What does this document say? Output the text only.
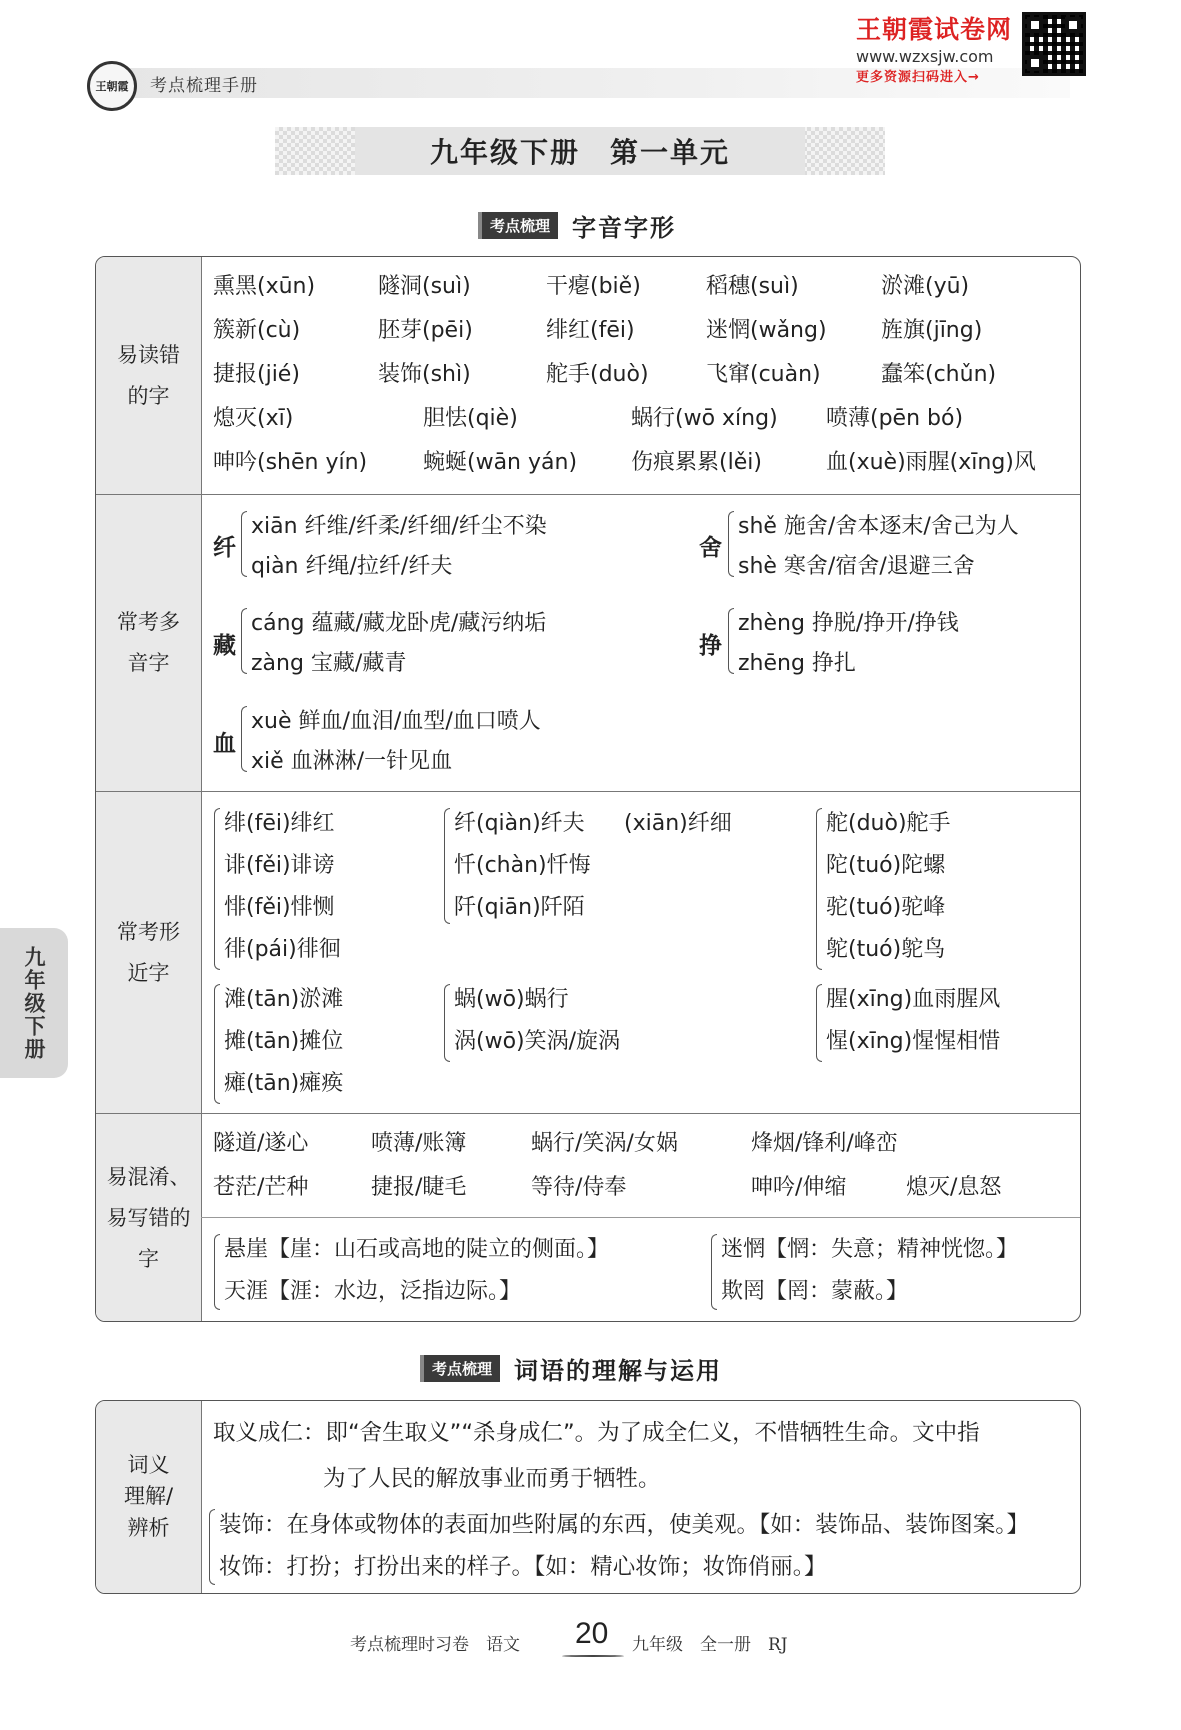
王朝霞 考点梳理手册
王朝霞试卷网
www.wzxsjw.com
更多资源扫码进入→
九年级下册　第一单元
考点梳理 字音字形
易读错的字
熏黑(xūn)	隧洞(suì)	干瘪(biě)	稻穗(suì)	淤滩(yū)
簇新(cù)	胚芽(pēi)	绯红(fēi)	迷惘(wǎng) 旌旗(jīng)
捷报(jié)	装饰(shì)	舵手(duò)	飞窜(cuàn)	蠢笨(chǔn)
熄灭(xī)	胆怯(qiè)	蜗行(wō xíng) 喷薄(pēn bó)
呻吟(shēn yín)	蜿蜒(wān yán) 伤痕累累(lěi)	血(xuè)雨腥(xīng)风
常考多音字
纤
xiān 纤维/纤柔/纤细/纤尘不染
qiàn 纤绳/拉纤/纤夫
舍
shě 施舍/舍本逐末/舍己为人
shè 寒舍/宿舍/退避三舍
藏
cáng 蕴藏/藏龙卧虎/藏污纳垢
zàng 宝藏/藏青
挣
zhèng 挣脱/挣开/挣钱
zhēng 挣扎
血
xuè 鲜血/血泪/血型/血口喷人
xiě 血淋淋/一针见血
常考形近字
绯(fēi)绯红
诽(fěi)诽谤
悱(fěi)悱恻
徘(pái)徘徊
纤(qiàn)纤夫 (xiān)纤细
忏(chàn)忏悔
阡(qiān)阡陌
舵(duò)舵手
陀(tuó)陀螺
驼(tuó)驼峰
鸵(tuó)鸵鸟
滩(tān)淤滩
摊(tān)摊位
瘫(tān)瘫痪
蜗(wō)蜗行
涡(wō)笑涡/旋涡
腥(xīng)血雨腥风
惺(xīng)惺惺相惜
易混淆、易写错的字
隧道/遂心	喷薄/账簿	蜗行/笑涡/女娲	烽烟/锋利/峰峦
苍茫/芒种	捷报/睫毛	等待/侍奉	呻吟/伸缩	熄灭/息怒
悬崖【崖：山石或高地的陡立的侧面。】
天涯【涯：水边，泛指边际。】
迷惘【惘：失意；精神恍惚。】
欺罔【罔：蒙蔽。】
九年级下册
考点梳理 词语的理解与运用
词义理解/辨析
取义成仁：即“舍生取义”“杀身成仁”。为了成全仁义，不惜牺牲生命。文中指
为了人民的解放事业而勇于牺牲。
装饰：在身体或物体的表面加些附属的东西，使美观。【如：装饰品、装饰图案。】
妆饰：打扮；打扮出来的样子。【如：精心妆饰；妆饰俏丽。】
考点梳理时习卷　语文 20 九年级　全一册　RJ
